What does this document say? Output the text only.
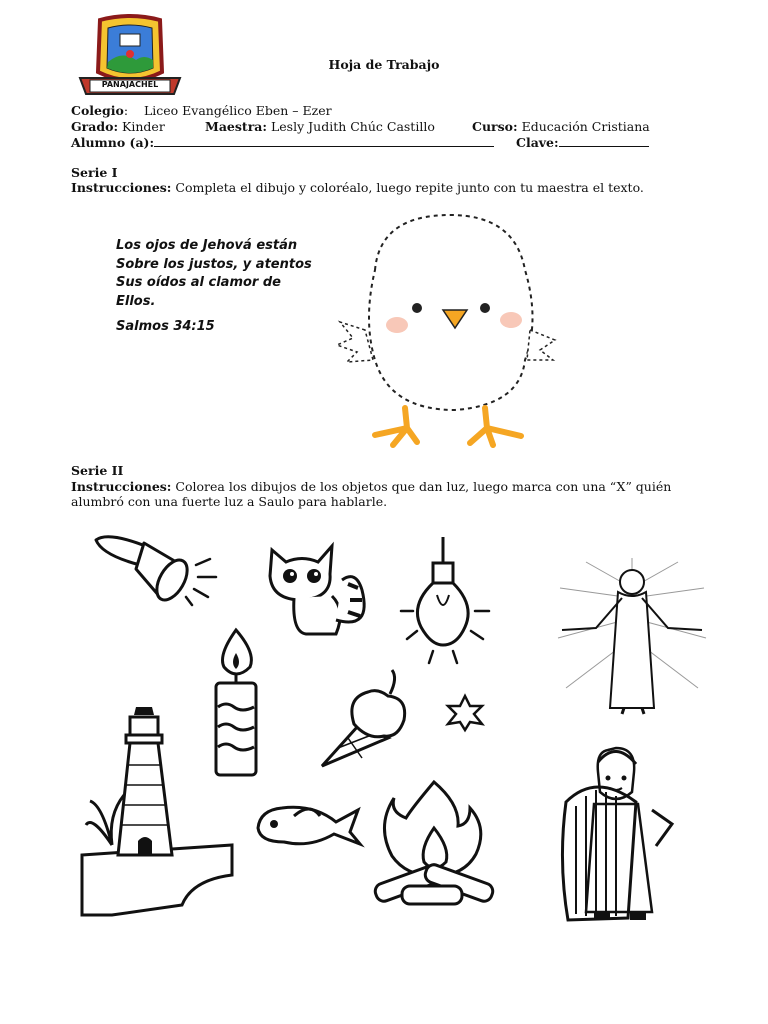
PANAJACHEL
Hoja de Trabajo
Colegio:    Liceo Evangélico Eben – Ezer
Grado: Kinder	Maestra: Lesly Judith Chúc Castillo	Curso: Educación Cristiana
Alumno (a):	Clave:
Serie I
Instrucciones: Completa el dibujo y coloréalo, luego repite junto con tu maestra el texto.
Los ojos de Jehová están
Sobre los justos, y atentos
Sus oídos al clamor de
Ellos.
Salmos 34:15
Serie II
Instrucciones: Colorea los dibujos de los objetos que dan luz, luego marca con una “X” quién
alumbró con una fuerte luz a Saulo para hablarle.
